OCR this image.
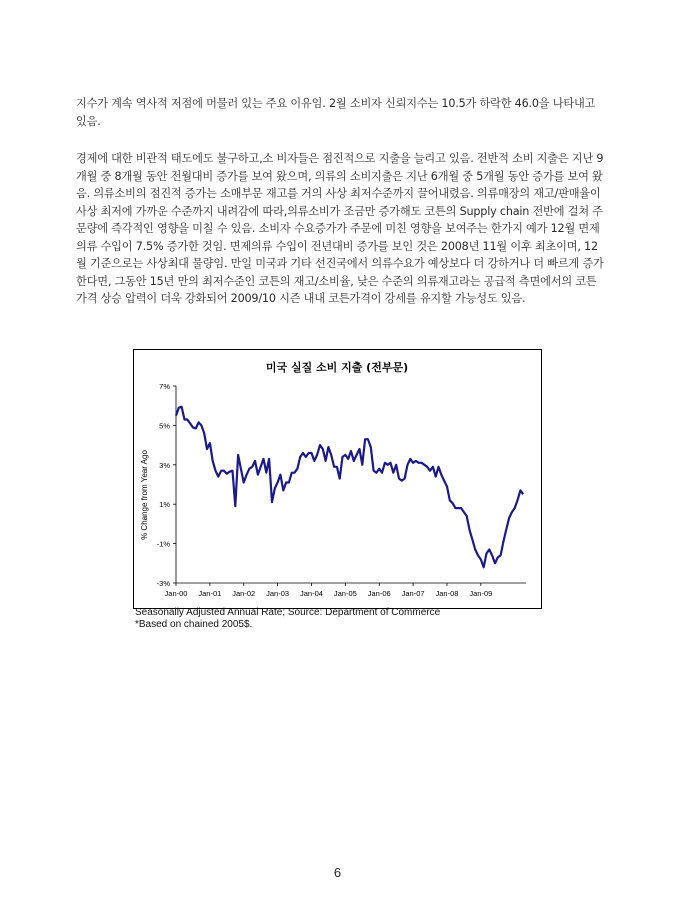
지수가 계속 역사적 저점에 머물러 있는 주요 이유임. 2월 소비자 신뢰지수는 10.5가 하락한 46.0을 나타내고 있음.

경제에 대한 비관적 태도에도 불구하고,소 비자들은 점진적으로 지출을 늘리고 있음. 전반적 소비 지출은 지난 9개월 중 8개월 동안 전월대비 증가를 보여 왔으며, 의류의 소비지출은 지난 6개월 중 5개월 동안 증가를 보여 왔음. 의류소비의 점진적 증가는 소매부문 재고를 거의 사상 최저수준까지 끌어내렸음. 의류매장의 재고/판매율이 사상 최저에 가까운 수준까지 내려감에 따라,의류소비가 조금만 증가해도 코튼의 Supply chain 전반에 걸쳐 주문량에 즉각적인 영향을 미칠 수 있음. 소비자 수요증가가 주문에 미친 영향을 보여주는 한가지 예가 12월 면제의류 수입이 7.5% 증가한 것임. 면제의류 수입이 전년대비 증가를 보인 것은 2008년 11월 이후 최초이며, 12월 기준으로는 사상최대 물량임. 만일 미국과 기타 선진국에서 의류수요가 예상보다 더 강하거나 더 빠르게 증가한다면, 그동안 15년 만의 최저수준인 코튼의 재고/소비율, 낮은 수준의 의류재고라는 공급적 측면에서의 코튼가격 상승 압력이 더욱 강화되어 2009/10 시즌 내내 코튼가격이 강세를 유지할 가능성도 있음.

미국 실질 소비 지출 (전부문)
% Change from Year Ago
7%
5%
3%
1%
-1%
-3%
Jan-00 Jan-01 Jan-02 Jan-03 Jan-04 Jan-05 Jan-06 Jan-07 Jan-08 Jan-09

Seasonally Adjusted Annual Rate; Source: Department of Commerce

*Based on chained 2005$.

6
